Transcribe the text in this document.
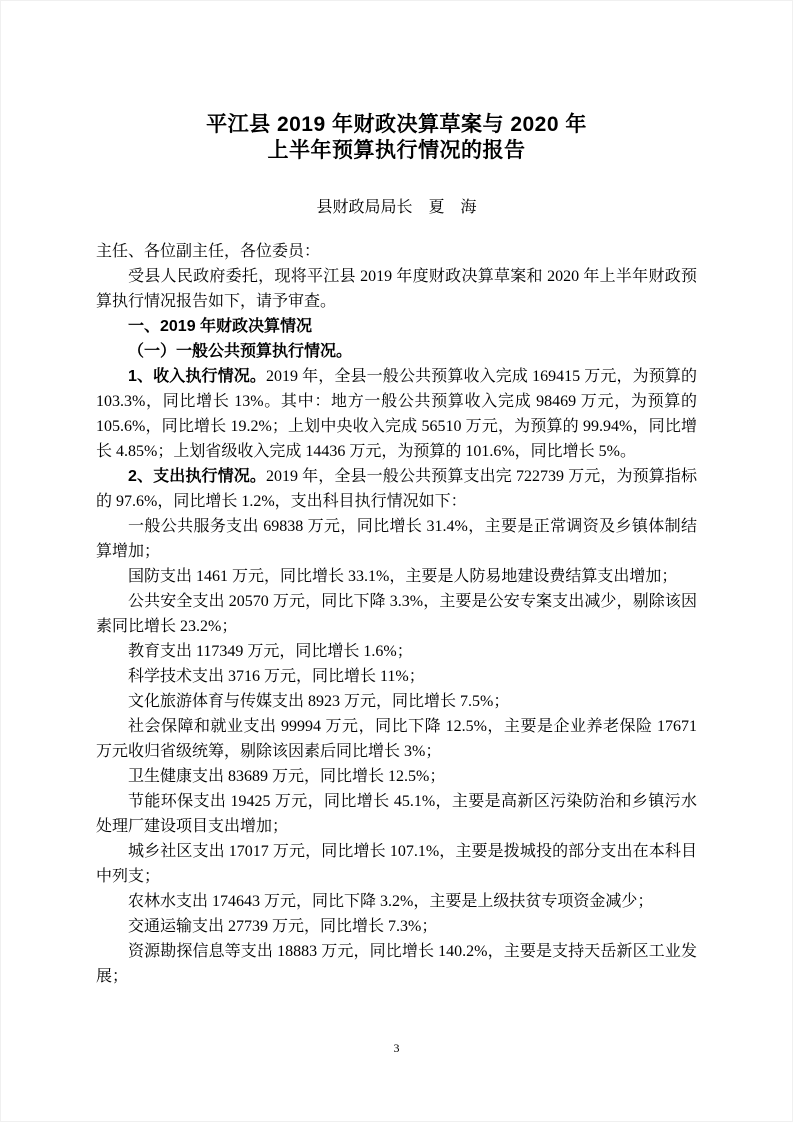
平江县 2019 年财政决算草案与 2020 年
上半年预算执行情况的报告
县财政局局长　夏　海

主任、各位副主任，各位委员：

受县人民政府委托，现将平江县 2019 年度财政决算草案和 2020 年上半年财政预算执行情况报告如下，请予审查。

一、2019 年财政决算情况

（一）一般公共预算执行情况。

1、收入执行情况。2019 年，全县一般公共预算收入完成 169415 万元，为预算的 103.3%，同比增长 13%。其中：地方一般公共预算收入完成 98469 万元，为预算的 105.6%，同比增长 19.2%；上划中央收入完成 56510 万元，为预算的 99.94%，同比增长 4.85%；上划省级收入完成 14436 万元，为预算的 101.6%，同比增长 5%。

2、支出执行情况。2019 年，全县一般公共预算支出完 722739 万元，为预算指标的 97.6%，同比增长 1.2%，支出科目执行情况如下：

一般公共服务支出 69838 万元，同比增长 31.4%，主要是正常调资及乡镇体制结算增加；

国防支出 1461 万元，同比增长 33.1%，主要是人防易地建设费结算支出增加；

公共安全支出 20570 万元，同比下降 3.3%，主要是公安专案支出减少，剔除该因素同比增长 23.2%；

教育支出 117349 万元，同比增长 1.6%；

科学技术支出 3716 万元，同比增长 11%；

文化旅游体育与传媒支出 8923 万元，同比增长 7.5%；

社会保障和就业支出 99994 万元，同比下降 12.5%，主要是企业养老保险 17671 万元收归省级统筹，剔除该因素后同比增长 3%；

卫生健康支出 83689 万元，同比增长 12.5%；

节能环保支出 19425 万元，同比增长 45.1%，主要是高新区污染防治和乡镇污水处理厂建设项目支出增加；

城乡社区支出 17017 万元，同比增长 107.1%，主要是拨城投的部分支出在本科目中列支；

农林水支出 174643 万元，同比下降 3.2%，主要是上级扶贫专项资金减少；

交通运输支出 27739 万元，同比增长 7.3%；

资源勘探信息等支出 18883 万元，同比增长 140.2%，主要是支持天岳新区工业发展；

3
